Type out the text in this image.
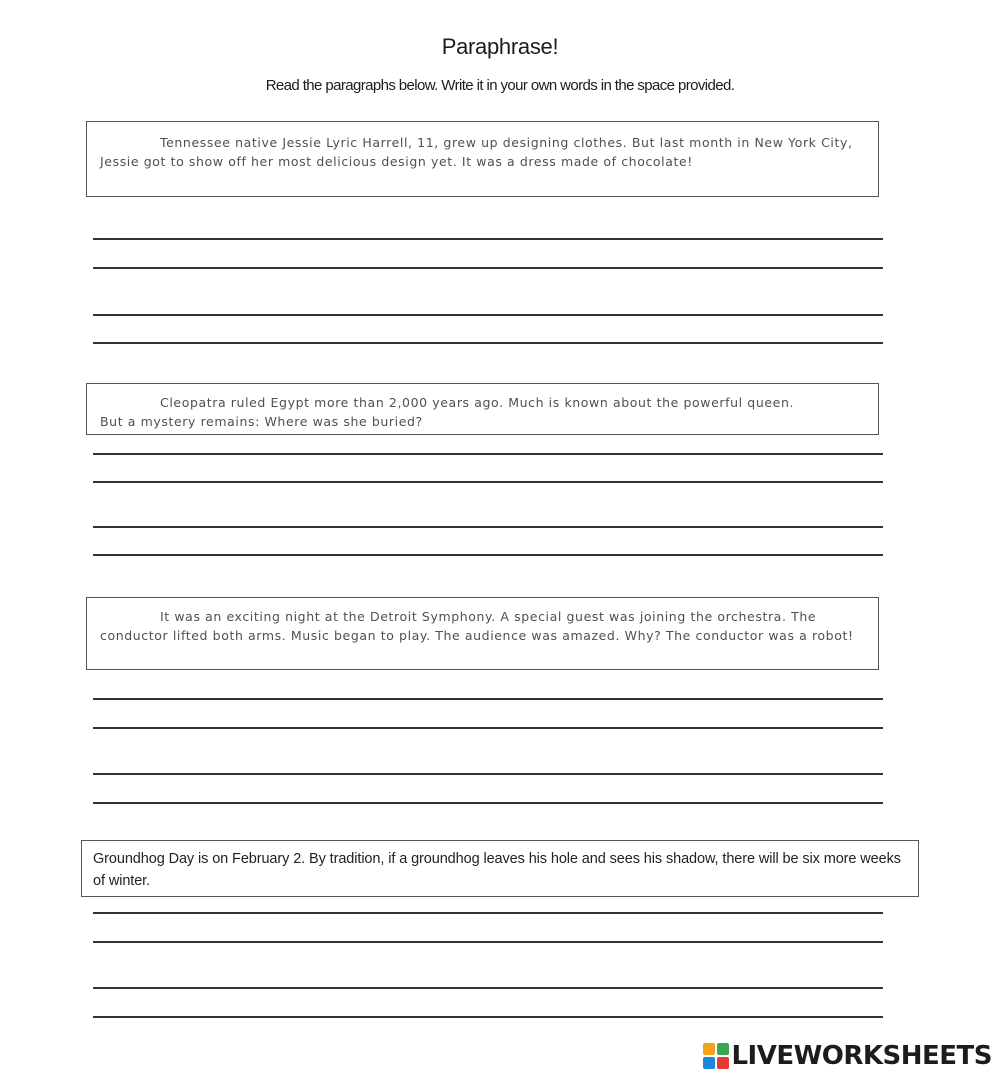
Paraphrase!
Read the paragraphs below. Write it in your own words in the space provided.

Tennessee native Jessie Lyric Harrell, 11, grew up designing clothes. But last month in New York City, Jessie got to show off her most delicious design yet. It was a dress made of chocolate!

Cleopatra ruled Egypt more than 2,000 years ago. Much is known about the powerful queen. But a mystery remains: Where was she buried?

It was an exciting night at the Detroit Symphony. A special guest was joining the orchestra. The conductor lifted both arms. Music began to play. The audience was amazed. Why? The conductor was a robot!

Groundhog Day is on February 2. By tradition, if a groundhog leaves his hole and sees his shadow, there will be six more weeks of winter.

LIVEWORKSHEETS
